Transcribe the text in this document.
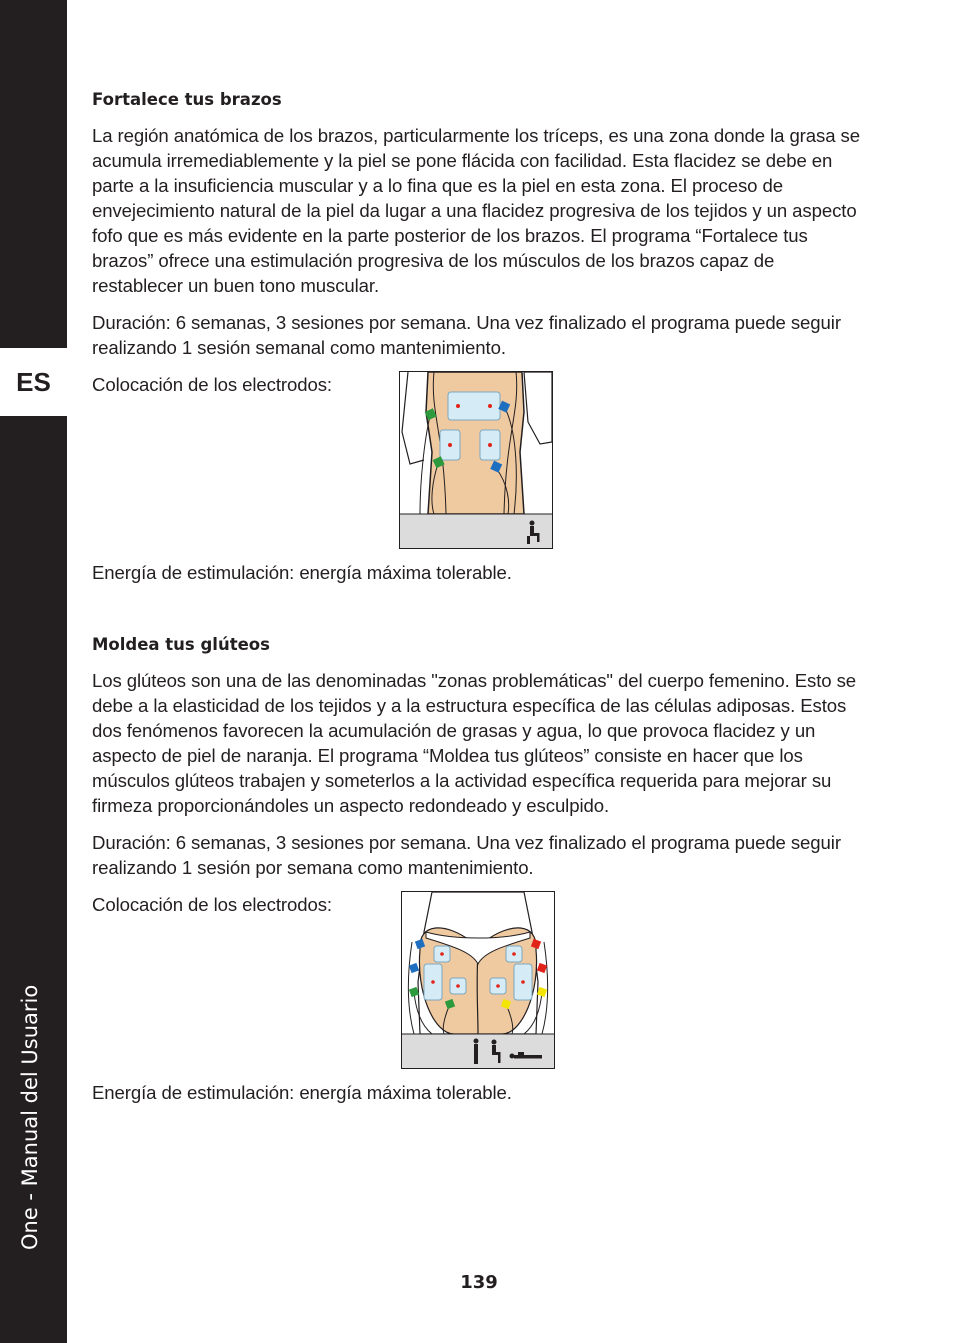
ES
One - Manual del Usuario
Fortalece tus brazos

La región anatómica de los brazos, particularmente los tríceps, es una zona donde la grasa se acumula irremediablemente y la piel se pone flácida con facilidad. Esta flacidez se debe en parte a la insuficiencia muscular y a lo fina que es la piel en esta zona. El proceso de envejecimiento natural de la piel da lugar a una flacidez progresiva de los tejidos y un aspecto fofo que es más evidente en la parte posterior de los brazos. El programa “Fortalece tus brazos” ofrece una estimulación progresiva de los músculos de los brazos capaz de restablecer un buen tono muscular.

Duración: 6 semanas, 3 sesiones por semana. Una vez finalizado el programa puede seguir realizando 1 sesión semanal como mantenimiento.

Colocación de los electrodos:

Energía de estimulación: energía máxima tolerable.

Moldea tus glúteos

Los glúteos son una de las denominadas "zonas problemáticas" del cuerpo femenino. Esto se debe a la elasticidad de los tejidos y a la estructura específica de las células adiposas. Estos dos fenómenos favorecen la acumulación de grasas y agua, lo que provoca flacidez y un aspecto de piel de naranja. El programa “Moldea tus glúteos” consiste en hacer que los músculos glúteos trabajen y someterlos a la actividad específica requerida para mejorar su firmeza proporcionándoles un aspecto redondeado y esculpido.

Duración: 6 semanas, 3 sesiones por semana. Una vez finalizado el programa puede seguir realizando 1 sesión por semana como mantenimiento.

Colocación de los electrodos:

Energía de estimulación: energía máxima tolerable.

139
